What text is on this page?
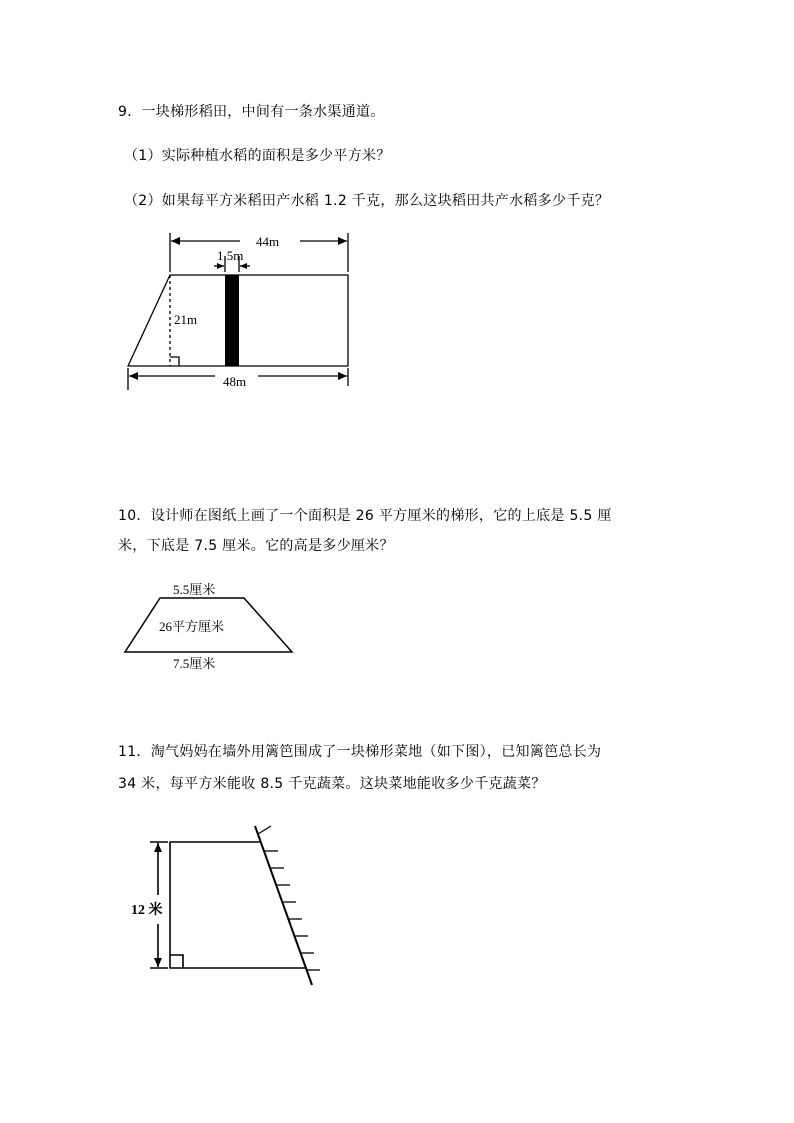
9．一块梯形稻田，中间有一条水渠通道。
（1）实际种植水稻的面积是多少平方米？
（2）如果每平方米稻田产水稻 1.2 千克，那么这块稻田共产水稻多少千克？
44m
1.5m
21m
48m
5.5厘米
26平方厘米
7.5厘米
12 米
10．设计师在图纸上画了一个面积是 26 平方厘米的梯形，它的上底是 5.5 厘
米，下底是 7.5 厘米。它的高是多少厘米？
11．淘气妈妈在墙外用篱笆围成了一块梯形菜地（如下图），已知篱笆总长为
34 米，每平方米能收 8.5 千克蔬菜。这块菜地能收多少千克蔬菜？
